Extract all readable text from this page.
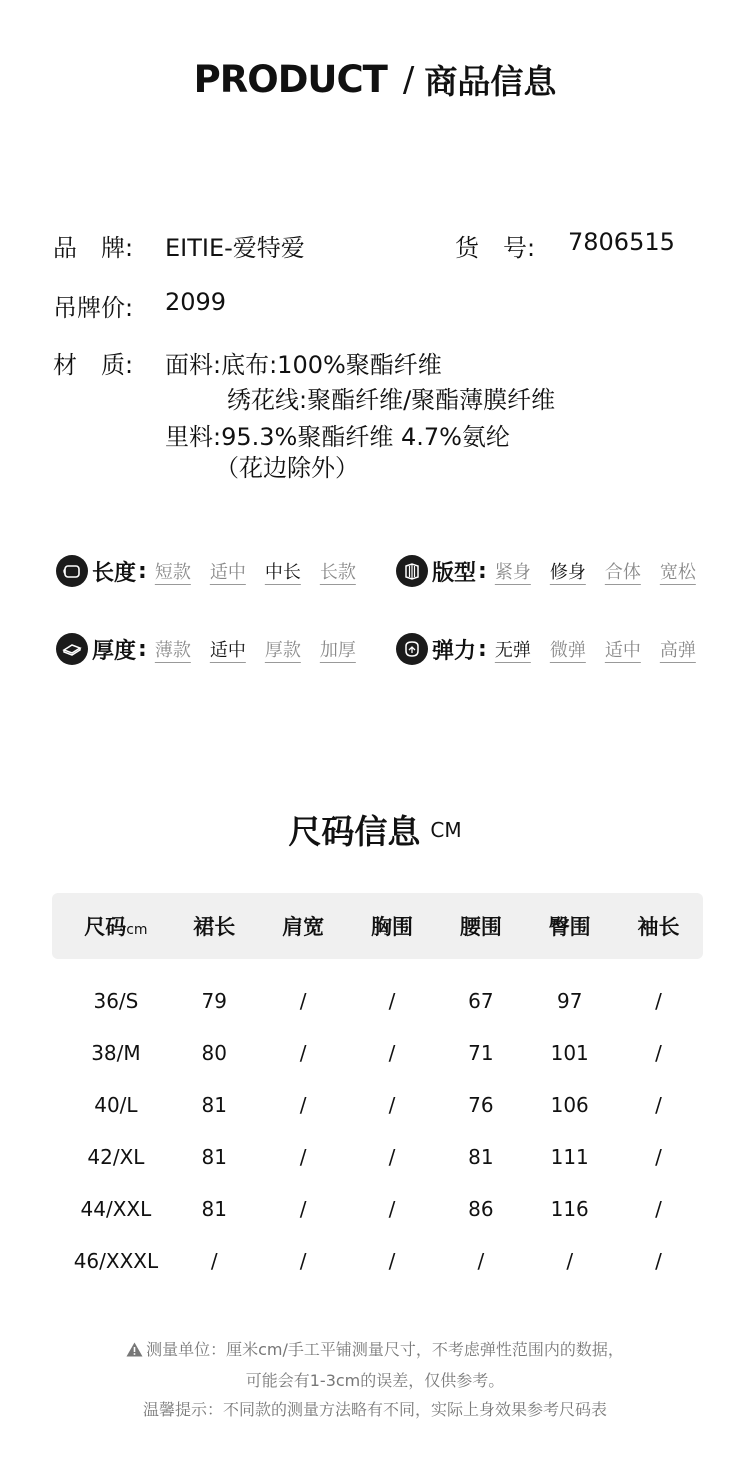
PRODUCT / 商品信息
品　牌: EITIE-爱特爱	货　号: 7806515
吊牌价: 2099
材　质: 面料:底布:100%聚酯纤维
绣花线:聚酯纤维/聚酯薄膜纤维
里料:95.3%聚酯纤维 4.7%氨纶
（花边除外）
长度 : 短款 适中 中长 长款	版型 : 紧身 修身 合体 宽松
厚度 : 薄款 适中 厚款 加厚	弹力 : 无弹 微弹 适中 高弹
尺码信息 CM
尺码cm	裙长	肩宽	胸围	腰围	臀围	袖长
36/S	79	/	/	67	97	/
38/M	80	/	/	71	101	/
40/L	81	/	/	76	106	/
42/XL	81	/	/	81	111	/
44/XXL	81	/	/	86	116	/
46/XXXL	/	/	/	/	/	/
测量单位：厘米cm/手工平铺测量尺寸，不考虑弹性范围内的数据，
可能会有1-3cm的误差，仅供参考。
温馨提示：不同款的测量方法略有不同，实际上身效果参考尺码表
